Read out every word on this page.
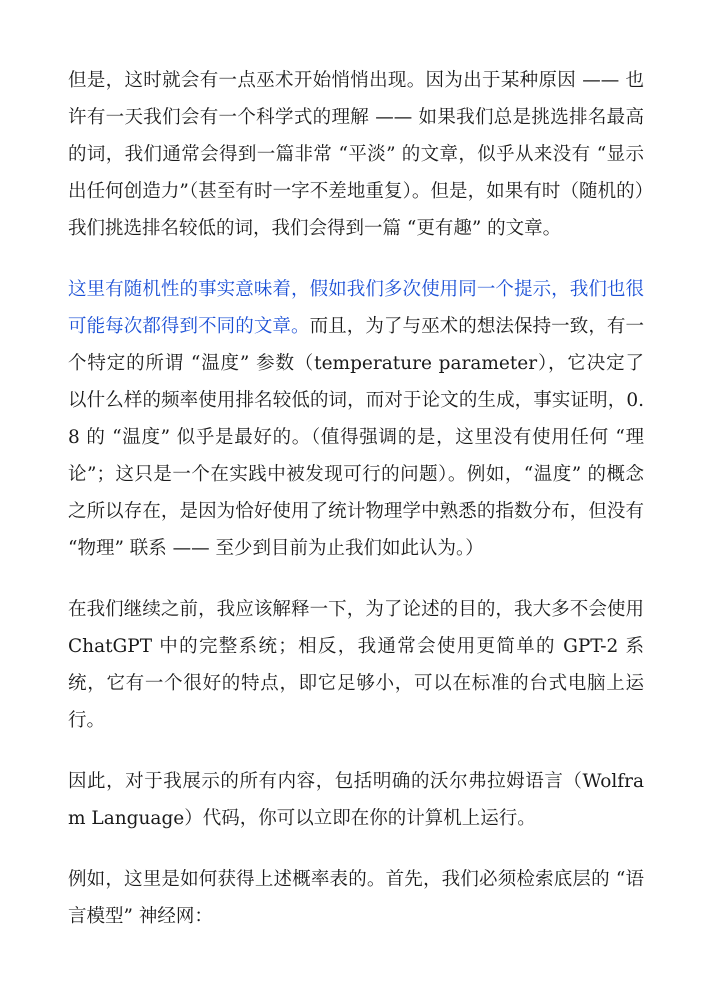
但是，这时就会有一点巫术开始悄悄出现。因为出于某种原因 —— 也许有一天我们会有一个科学式的理解 —— 如果我们总是挑选排名最高的词，我们通常会得到一篇非常 “平淡” 的文章，似乎从来没有 “显示出任何创造力”（甚至有时一字不差地重复）。但是，如果有时（随机的）我们挑选排名较低的词，我们会得到一篇 “更有趣” 的文章。

这里有随机性的事实意味着，假如我们多次使用同一个提示，我们也很可能每次都得到不同的文章。而且，为了与巫术的想法保持一致，有一个特定的所谓 “温度” 参数（temperature parameter），它决定了以什么样的频率使用排名较低的词，而对于论文的生成，事实证明，0.8 的 “温度” 似乎是最好的。（值得强调的是，这里没有使用任何 “理论”；这只是一个在实践中被发现可行的问题）。例如，“温度” 的概念之所以存在，是因为恰好使用了统计物理学中熟悉的指数分布，但没有 “物理” 联系 —— 至少到目前为止我们如此认为。）

在我们继续之前，我应该解释一下，为了论述的目的，我大多不会使用 ChatGPT 中的完整系统；相反，我通常会使用更简单的 GPT-2 系统，它有一个很好的特点，即它足够小，可以在标准的台式电脑上运行。

因此，对于我展示的所有内容，包括明确的沃尔弗拉姆语言（Wolfram Language）代码，你可以立即在你的计算机上运行。

例如，这里是如何获得上述概率表的。首先，我们必须检索底层的 “语言模型” 神经网：
